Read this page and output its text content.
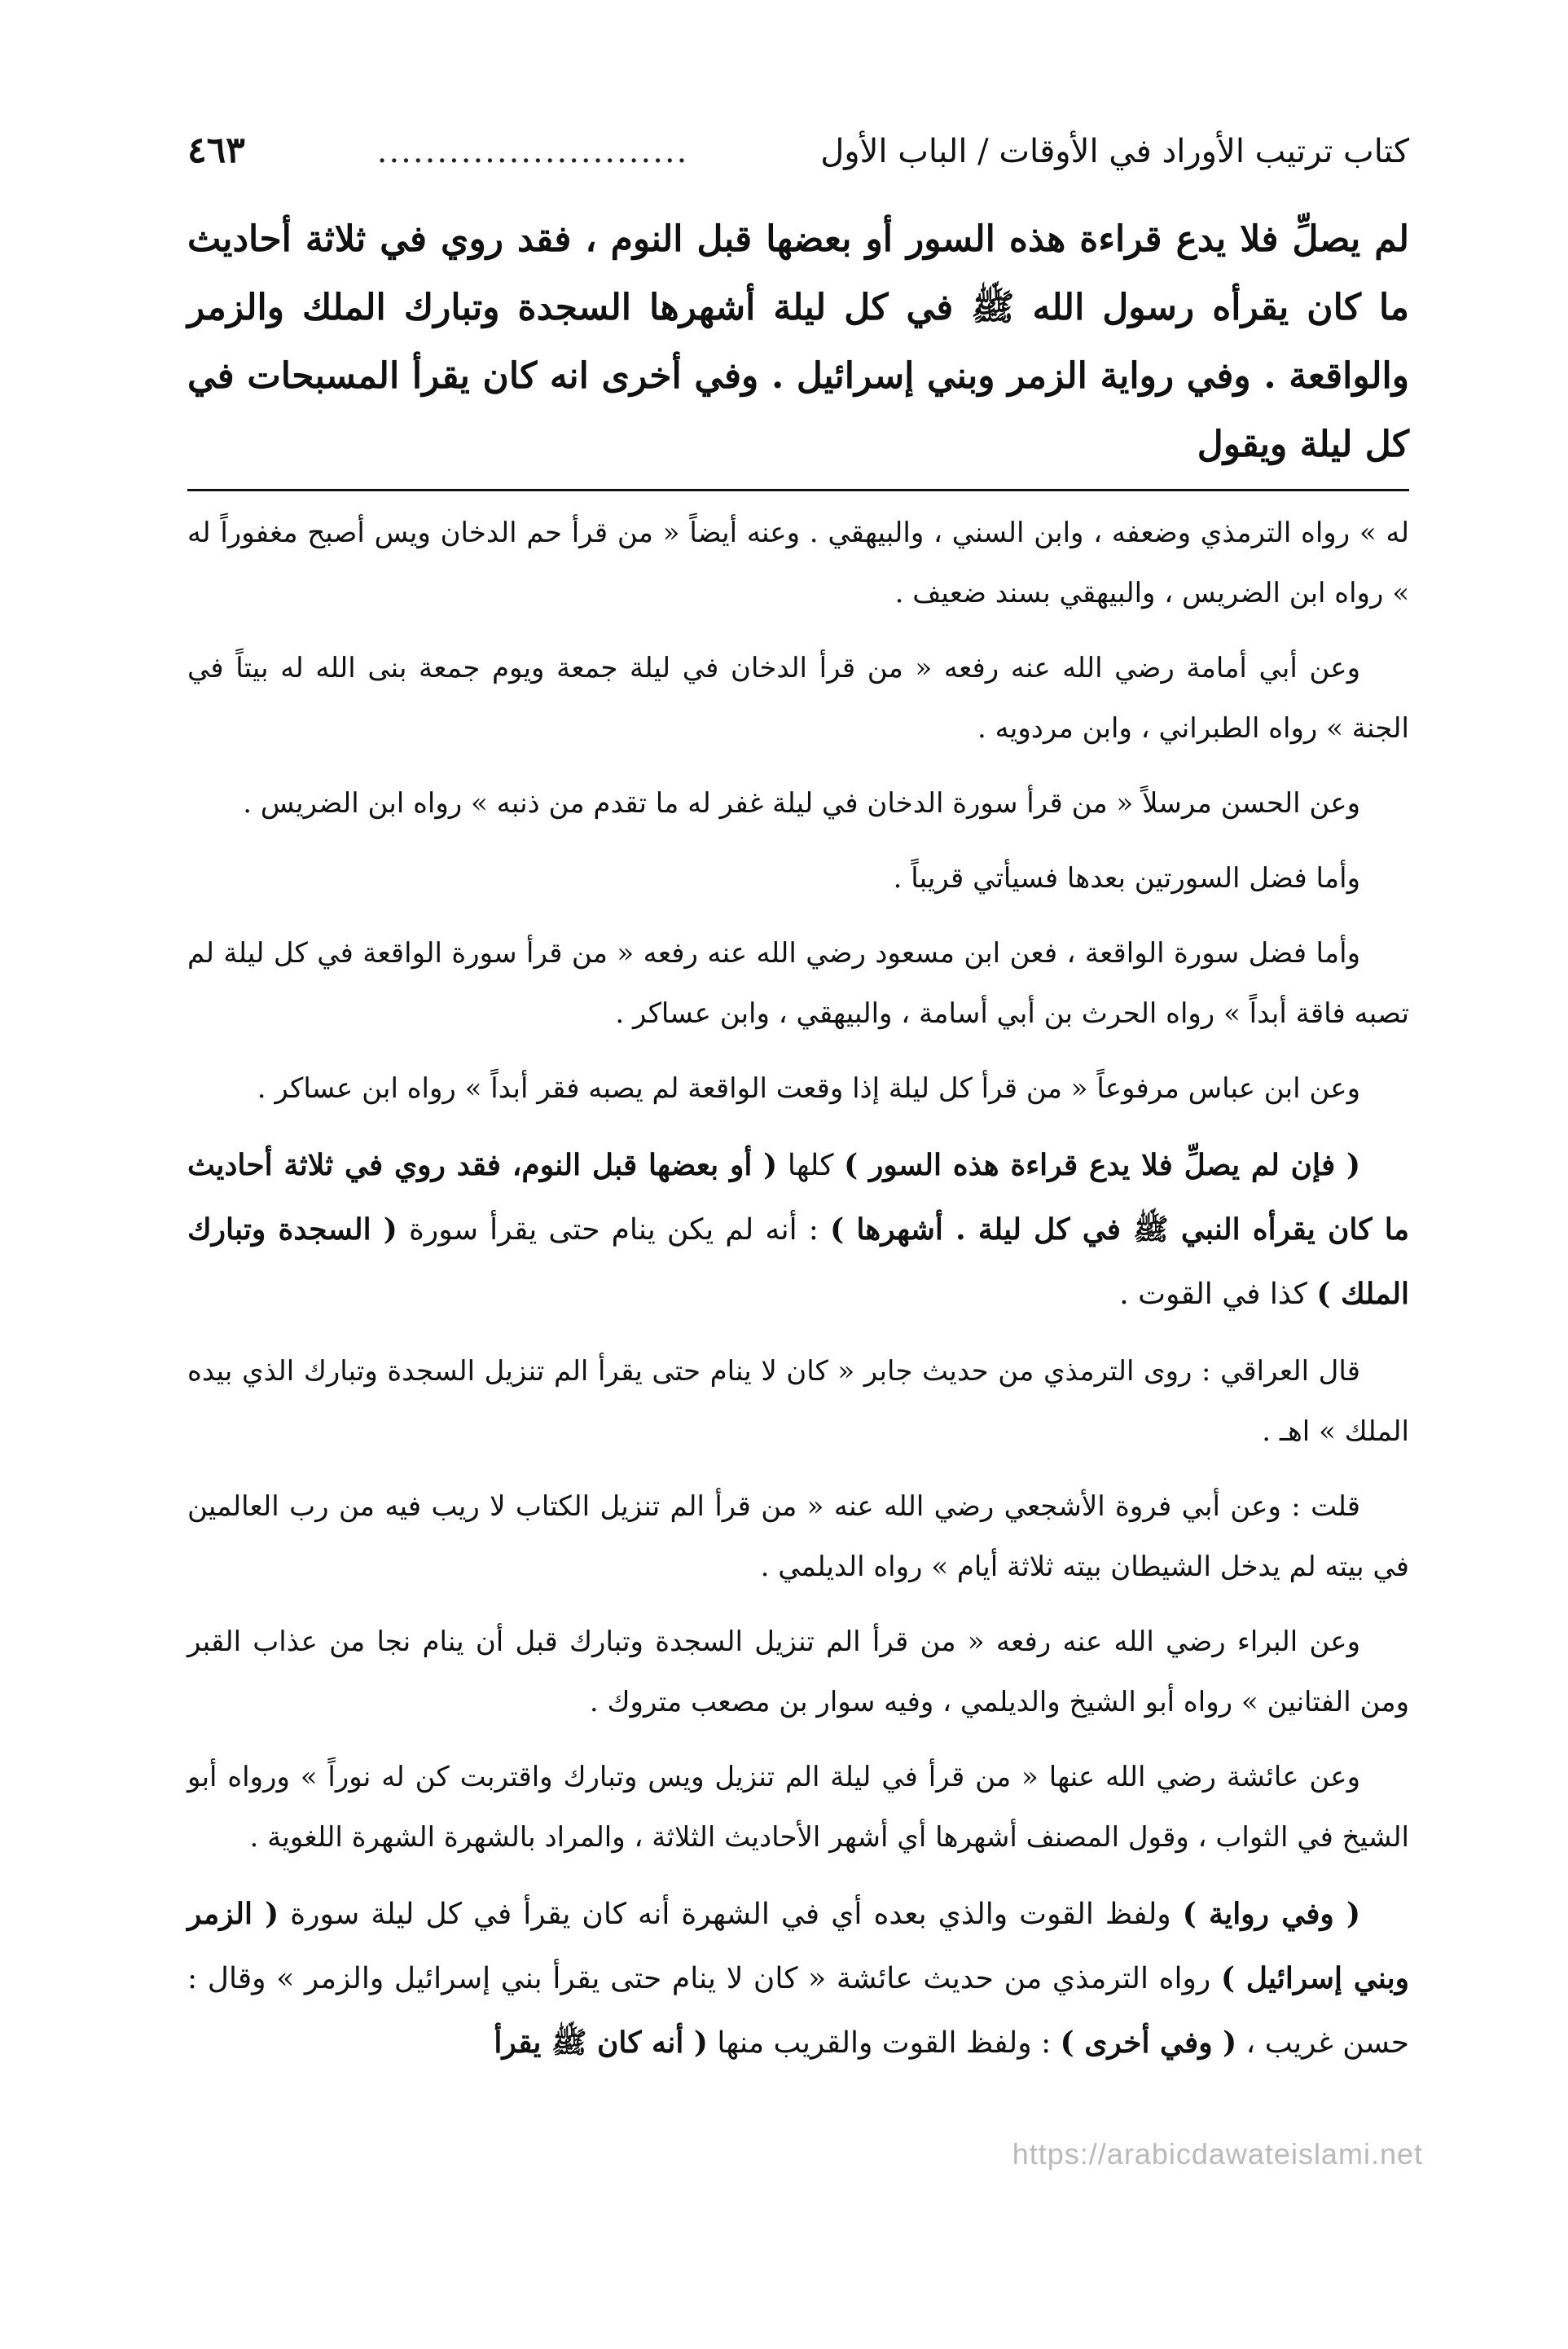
كتاب ترتيب الأوراد في الأوقات / الباب الأول
..........................
٤٦٣
لم يصلِّ فلا يدع قراءة هذه السور أو بعضها قبل النوم ، فقد روي في ثلاثة أحاديث ما كان يقرأه رسول الله ﷺ في كل ليلة أشهرها السجدة وتبارك الملك والزمر والواقعة . وفي رواية الزمر وبني إسرائيل . وفي أخرى انه كان يقرأ المسبحات في كل ليلة ويقول

له » رواه الترمذي وضعفه ، وابن السني ، والبيهقي . وعنه أيضاً « من قرأ حم الدخان ويس أصبح مغفوراً له » رواه ابن الضريس ، والبيهقي بسند ضعيف .

وعن أبي أمامة رضي الله عنه رفعه « من قرأ الدخان في ليلة جمعة ويوم جمعة بنى الله له بيتاً في الجنة » رواه الطبراني ، وابن مردويه .

وعن الحسن مرسلاً « من قرأ سورة الدخان في ليلة غفر له ما تقدم من ذنبه » رواه ابن الضريس .

وأما فضل السورتين بعدها فسيأتي قريباً .

وأما فضل سورة الواقعة ، فعن ابن مسعود رضي الله عنه رفعه « من قرأ سورة الواقعة في كل ليلة لم تصبه فاقة أبداً » رواه الحرث بن أبي أسامة ، والبيهقي ، وابن عساكر .

وعن ابن عباس مرفوعاً « من قرأ كل ليلة إذا وقعت الواقعة لم يصبه فقر أبداً » رواه ابن عساكر .

( فإن لم يصلِّ فلا يدع قراءة هذه السور ) كلها ( أو بعضها قبل النوم، فقد روي في ثلاثة أحاديث ما كان يقرأه النبي ﷺ في كل ليلة . أشهرها ) : أنه لم يكن ينام حتى يقرأ سورة ( السجدة وتبارك الملك ) كذا في القوت .

قال العراقي : روى الترمذي من حديث جابر « كان لا ينام حتى يقرأ الم تنزيل السجدة وتبارك الذي بيده الملك » اهـ .

قلت : وعن أبي فروة الأشجعي رضي الله عنه « من قرأ الم تنزيل الكتاب لا ريب فيه من رب العالمين في بيته لم يدخل الشيطان بيته ثلاثة أيام » رواه الديلمي .

وعن البراء رضي الله عنه رفعه « من قرأ الم تنزيل السجدة وتبارك قبل أن ينام نجا من عذاب القبر ومن الفتانين » رواه أبو الشيخ والديلمي ، وفيه سوار بن مصعب متروك .

وعن عائشة رضي الله عنها « من قرأ في ليلة الم تنزيل ويس وتبارك واقتربت كن له نوراً » ورواه أبو الشيخ في الثواب ، وقول المصنف أشهرها أي أشهر الأحاديث الثلاثة ، والمراد بالشهرة الشهرة اللغوية .

( وفي رواية ) ولفظ القوت والذي بعده أي في الشهرة أنه كان يقرأ في كل ليلة سورة ( الزمر وبني إسرائيل ) رواه الترمذي من حديث عائشة « كان لا ينام حتى يقرأ بني إسرائيل والزمر » وقال : حسن غريب ، ( وفي أخرى ) : ولفظ القوت والقريب منها ( أنه كان ﷺ يقرأ

https://arabicdawateislami.net
